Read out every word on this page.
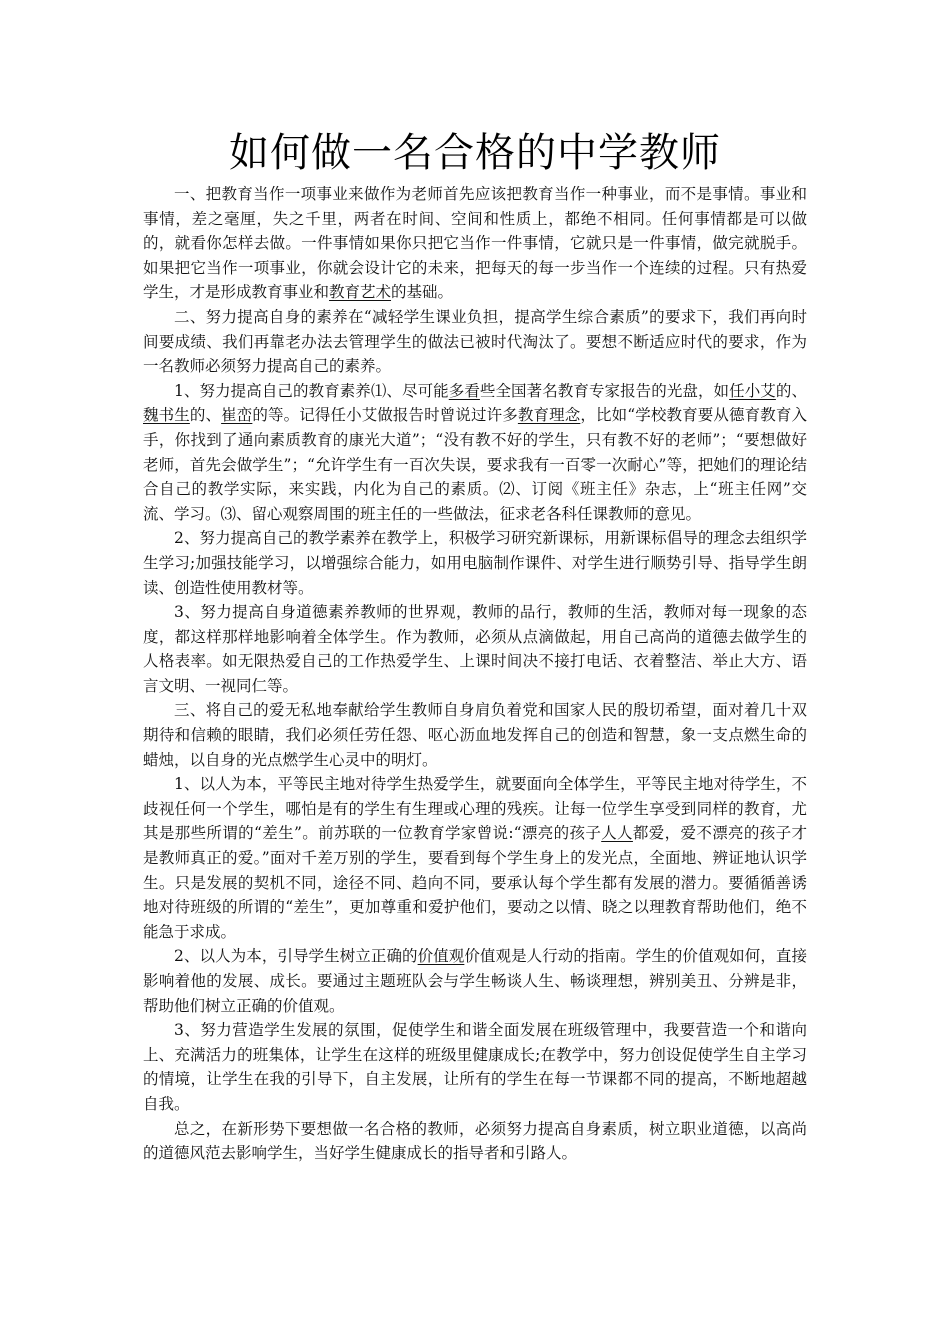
如何做一名合格的中学教师

一、把教育当作一项事业来做作为老师首先应该把教育当作一种事业，而不是事情。事业和事情，差之毫厘，失之千里，两者在时间、空间和性质上，都绝不相同。任何事情都是可以做的，就看你怎样去做。一件事情如果你只把它当作一件事情，它就只是一件事情，做完就脱手。如果把它当作一项事业，你就会设计它的未来，把每天的每一步当作一个连续的过程。只有热爱学生，才是形成教育事业和教育艺术的基础。

二、努力提高自身的素养在“减轻学生课业负担，提高学生综合素质”的要求下，我们再向时间要成绩、我们再靠老办法去管理学生的做法已被时代淘汰了。要想不断适应时代的要求，作为一名教师必须努力提高自己的素养。

1、努力提高自己的教育素养⑴、尽可能多看些全国著名教育专家报告的光盘，如任小艾的、魏书生的、崔峦的等。记得任小艾做报告时曾说过许多教育理念，比如“学校教育要从德育教育入手，你找到了通向素质教育的康光大道”；“没有教不好的学生，只有教不好的老师”；“要想做好老师，首先会做学生”；“允许学生有一百次失误，要求我有一百零一次耐心”等，把她们的理论结合自己的教学实际，来实践，内化为自己的素质。⑵、订阅《班主任》杂志，上“班主任网”交流、学习。⑶、留心观察周围的班主任的一些做法，征求老各科任课教师的意见。

2、努力提高自己的教学素养在教学上，积极学习研究新课标，用新课标倡导的理念去组织学生学习;加强技能学习，以增强综合能力，如用电脑制作课件、对学生进行顺势引导、指导学生朗读、创造性使用教材等。

3、努力提高自身道德素养教师的世界观，教师的品行，教师的生活，教师对每一现象的态度，都这样那样地影响着全体学生。作为教师，必须从点滴做起，用自己高尚的道德去做学生的人格表率。如无限热爱自己的工作热爱学生、上课时间决不接打电话、衣着整洁、举止大方、语言文明、一视同仁等。

三、将自己的爱无私地奉献给学生教师自身肩负着党和国家人民的殷切希望，面对着几十双期待和信赖的眼睛，我们必须任劳任怨、呕心沥血地发挥自己的创造和智慧，象一支点燃生命的蜡烛，以自身的光点燃学生心灵中的明灯。

1、以人为本，平等民主地对待学生热爱学生，就要面向全体学生，平等民主地对待学生，不歧视任何一个学生，哪怕是有的学生有生理或心理的残疾。让每一位学生享受到同样的教育，尤其是那些所谓的“差生”。前苏联的一位教育学家曾说:“漂亮的孩子人人都爱，爱不漂亮的孩子才是教师真正的爱。”面对千差万别的学生，要看到每个学生身上的发光点，全面地、辨证地认识学生。只是发展的契机不同，途径不同、趋向不同，要承认每个学生都有发展的潜力。要循循善诱地对待班级的所谓的“差生”，更加尊重和爱护他们，要动之以情、晓之以理教育帮助他们，绝不能急于求成。

2、以人为本，引导学生树立正确的价值观价值观是人行动的指南。学生的价值观如何，直接影响着他的发展、成长。要通过主题班队会与学生畅谈人生、畅谈理想，辨别美丑、分辨是非，帮助他们树立正确的价值观。

3、努力营造学生发展的氛围，促使学生和谐全面发展在班级管理中，我要营造一个和谐向上、充满活力的班集体，让学生在这样的班级里健康成长;在教学中，努力创设促使学生自主学习的情境，让学生在我的引导下，自主发展，让所有的学生在每一节课都不同的提高，不断地超越自我。

总之，在新形势下要想做一名合格的教师，必须努力提高自身素质，树立职业道德，以高尚的道德风范去影响学生，当好学生健康成长的指导者和引路人。
